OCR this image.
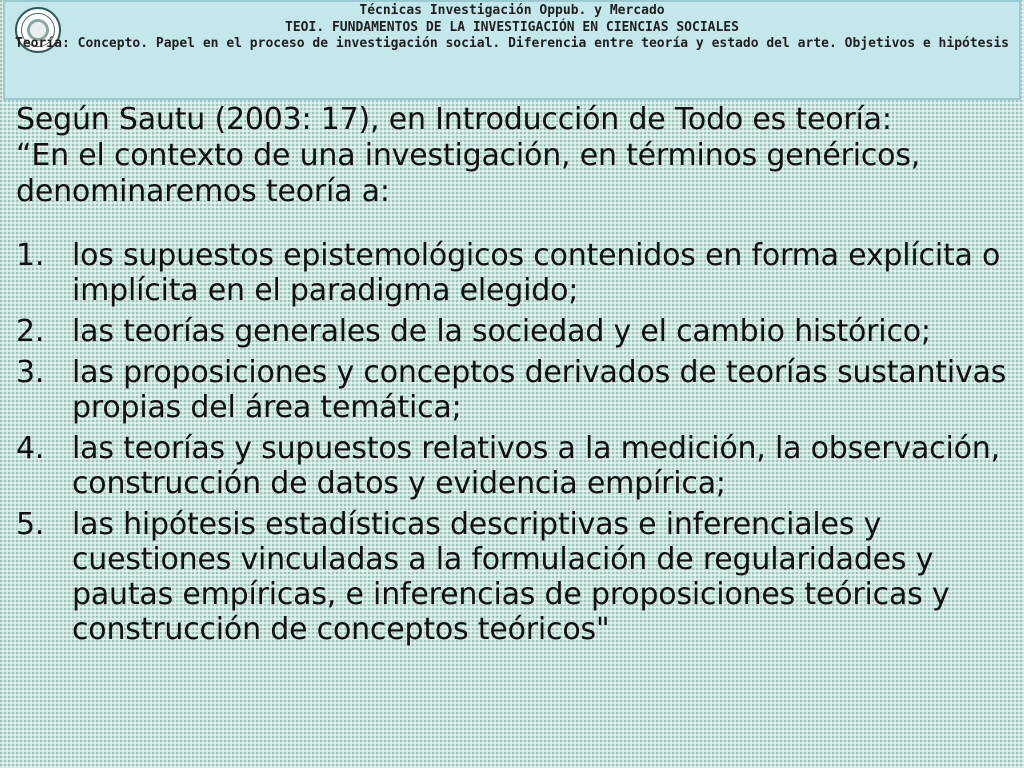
Técnicas Investigación Oppub. y Mercado
TEOI. FUNDAMENTOS DE LA INVESTIGACIÓN EN CIENCIAS SOCIALES
Teoría: Concepto. Papel en el proceso de investigación social. Diferencia entre teoría y estado del arte. Objetivos e hipótesis
Según Sautu (2003: 17), en Introducción de Todo es teoría:
“En el contexto de una investigación, en términos genéricos, denominaremos teoría a:
1. los supuestos epistemológicos contenidos en forma explícita o implícita en el paradigma elegido;
2. las teorías generales de la sociedad y el cambio histórico;
3. las proposiciones y conceptos derivados de teorías sustantivas propias del área temática;
4. las teorías y supuestos relativos a la medición, la observación, construcción de datos y evidencia empírica;
5. las hipótesis estadísticas descriptivas e inferenciales y cuestiones vinculadas a la formulación de regularidades y pautas empíricas, e inferencias de proposiciones teóricas y construcción de conceptos teóricos"
